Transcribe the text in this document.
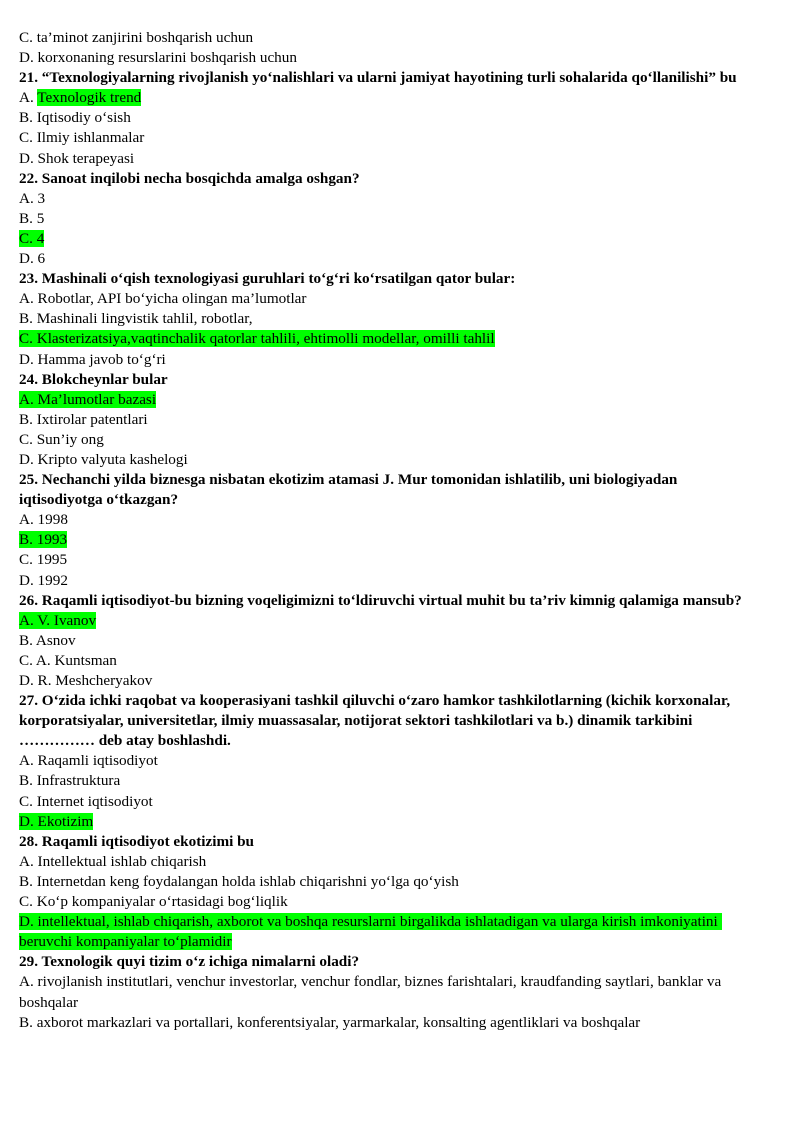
C. ta’minot zanjirini boshqarish uchun
D. korxonaning resurslarini boshqarish uchun
21. “Texnologiyalarning rivojlanish yo‘nalishlari va ularni jamiyat hayotining turli sohalarida qo‘llanilishi” bu
A. Texnologik trend
B. Iqtisodiy o‘sish
C. Ilmiy ishlanmalar
D. Shok terapeyasi
22. Sanoat inqilobi necha bosqichda amalga oshgan?
A. 3
B. 5
C. 4
D. 6
23. Mashinali o‘qish texnologiyasi guruhlari to‘g‘ri ko‘rsatilgan qator bular:
A. Robotlar, API bo‘yicha olingan ma’lumotlar
B. Mashinali lingvistik tahlil, robotlar,
C. Klasterizatsiya,vaqtinchalik qatorlar tahlili, ehtimolli modellar, omilli tahlil
D. Hamma javob to‘g‘ri
24. Blokcheynlar bular
A. Ma’lumotlar bazasi
B. Ixtirolar patentlari
C. Sun’iy ong
D. Kripto valyuta kashelogi
25. Nechanchi yilda biznesga nisbatan ekotizim atamasi J. Mur tomonidan ishlatilib, uni biologiyadan iqtisodiyotga o‘tkazgan?
A. 1998
B. 1993
C. 1995
D. 1992
26. Raqamli iqtisodiyot-bu bizning voqeligimizni to‘ldiruvchi virtual muhit bu ta’riv kimnig qalamiga mansub?
A. V. Ivanov
B. Asnov
C. A. Kuntsman
D. R. Meshcheryakov
27. O‘zida ichki raqobat va kooperasiyani tashkil qiluvchi o‘zaro hamkor tashkilotlarning (kichik korxonalar, korporatsiyalar, universitetlar, ilmiy muassasalar, notijorat sektori tashkilotlari va b.) dinamik tarkibini …………… deb atay boshlashdi.
A. Raqamli iqtisodiyot
B. Infrastruktura
C. Internet iqtisodiyot
D. Ekotizim
28. Raqamli iqtisodiyot ekotizimi bu
A. Intellektual ishlab chiqarish
B. Internetdan keng foydalangan holda ishlab chiqarishni yo‘lga qo‘yish
C. Ko‘p kompaniyalar o‘rtasidagi bog‘liqlik
D. intellektual, ishlab chiqarish, axborot va boshqa resurslarni birgalikda ishlatadigan va ularga kirish imkoniyatini beruvchi kompaniyalar to‘plamidir
29. Texnologik quyi tizim o‘z ichiga nimalarni oladi?
A. rivojlanish institutlari, venchur investorlar, venchur fondlar, biznes farishtalari, kraudfanding saytlari, banklar va boshqalar
B. axborot markazlari va portallari, konferentsiyalar, yarmarkalar, konsalting agentliklari va boshqalar
